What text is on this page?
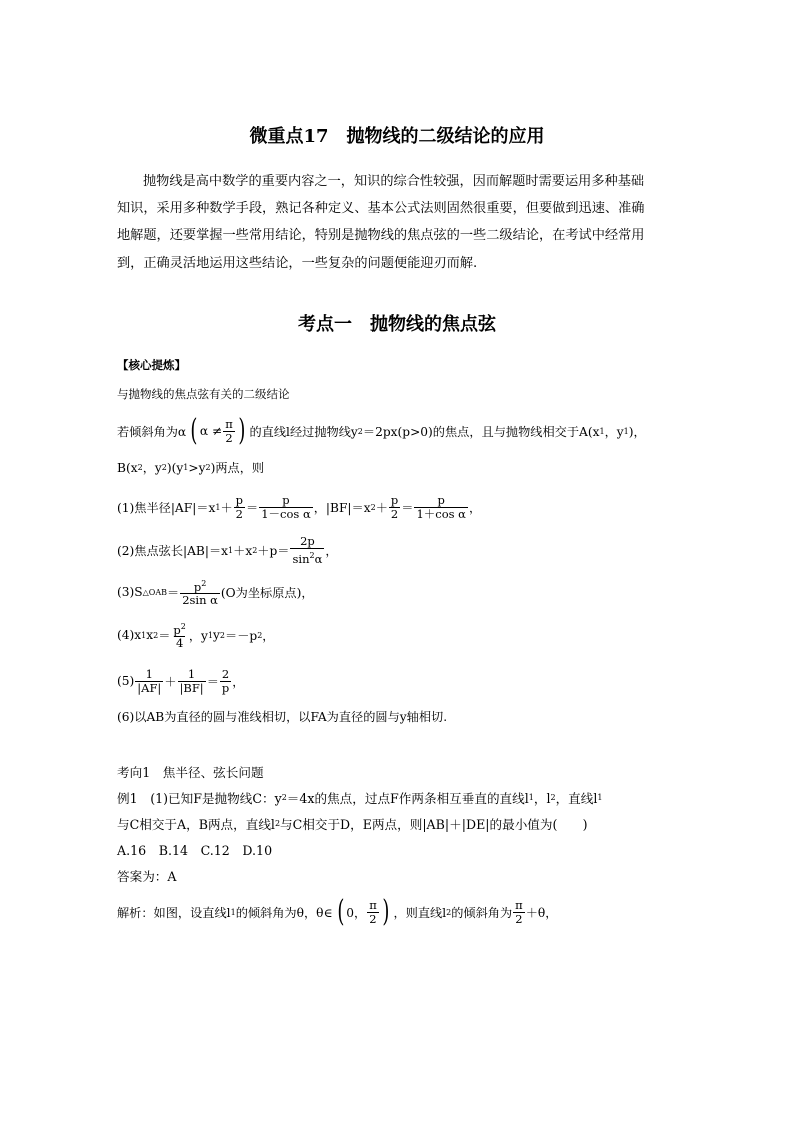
微重点17　抛物线的二级结论的应用
抛物线是高中数学的重要内容之一，知识的综合性较强，因而解题时需要运用多种基础
知识，采用多种数学手段，熟记各种定义、基本公式法则固然很重要，但要做到迅速、准确
地解题，还要掌握一些常用结论，特别是抛物线的焦点弦的一些二级结论，在考试中经常用
到，正确灵活地运用这些结论，一些复杂的问题便能迎刃而解.
考点一　抛物线的焦点弦
【核心提炼】
与抛物线的焦点弦有关的二级结论
若倾斜角为α ( $\alpha \ne \frac{\pi}{2}$ ) 的直线l经过抛物线y 2 ＝2px(p>0)的焦点，且与抛物线相交于A(x 1 ，y 1 )，
B(x 2 ，y 2 )(y 1 >y 2 )两点，则
(1)焦半径|AF|＝x $1 + \frac{p}{2} = \frac{p}{\text{1－cos α}}$ ，|BF|＝x $2 + \frac{p}{2} = \frac{p}{\text{1＋cos α}}$ ，
(2)焦点弦长|AB|＝x 1 ＋x $2 +p= \frac{2p}{\sin^2\alpha}$ ，
(3)S △OAB ＝ $\frac{p^2}{\text{2sin α}} (O$为坐标原点)，
(4)x 1 x $2 = \frac{p^2}{4}$ ，y 1 y 2 ＝－p 2 ，
$(5) \frac{1}{|AF|} + \frac{1}{|BF|} = \frac{2}{p}$ ，
(6)以AB为直径的圆与准线相切，以FA为直径的圆与y轴相切.
考向1　焦半径、弦长问题
例1　(1)已知F是抛物线C：y 2 ＝4x的焦点，过点F作两条相互垂直的直线l 1 ，l 2 ，直线l 1
与C相交于A，B两点，直线l 2 与C相交于D，E两点，则|AB|＋|DE|的最小值为(　　)
A.16　B.14　C.12　D.10
答案为：A
解析：如图，设直线l 1 的倾斜角为θ，θ∈ ( 0， $\frac{\pi}{2}$ ) ，则直线l 2 的倾斜角为 $\frac{\pi}{2} +\theta$，
